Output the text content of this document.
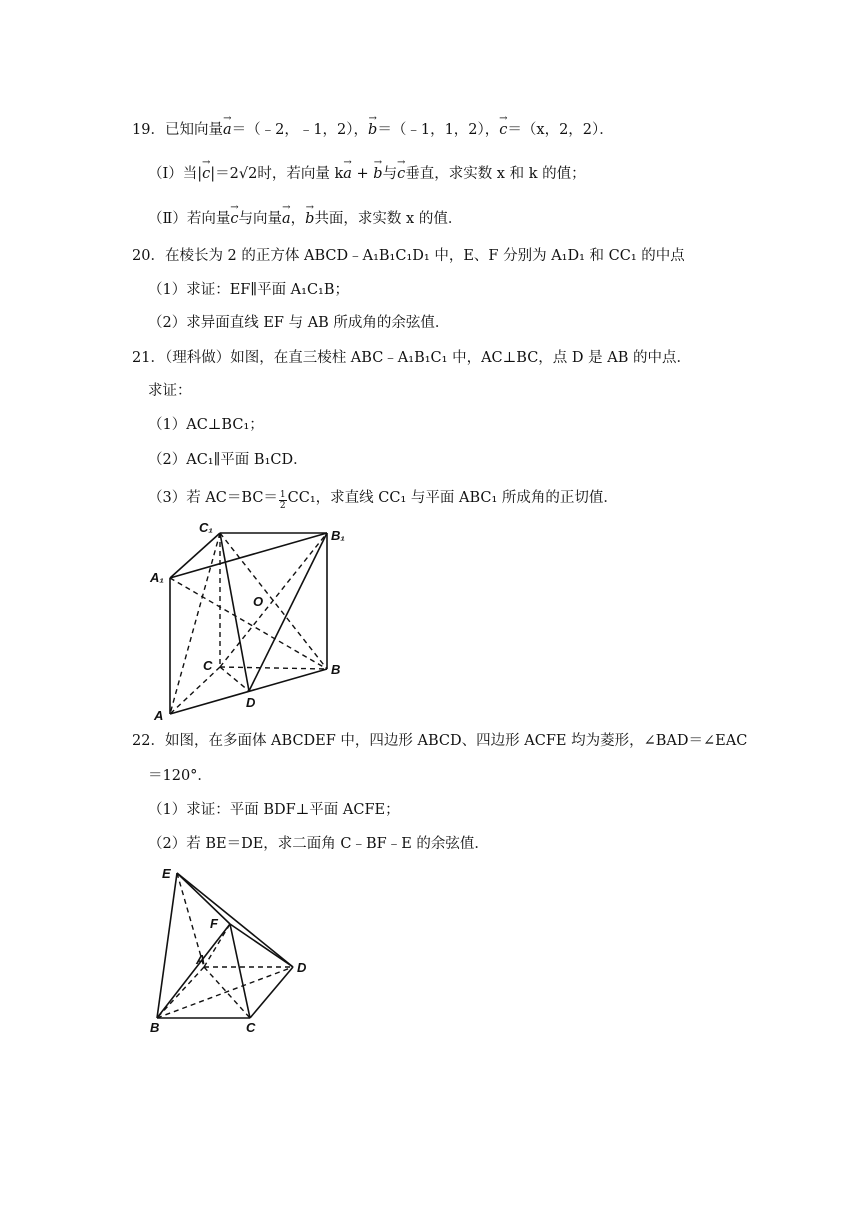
19．已知向量→ a＝（﹣2，﹣1，2），→ b＝（﹣1，1，2），→ c＝（x，2，2）．
（Ⅰ）当|→ c|＝2√2时，若向量 k→ a + → b与→ c垂直，求实数 x 和 k 的值；
（Ⅱ）若向量→ c与向量→ a，→ b共面，求实数 x 的值．
20．在棱长为 2 的正方体 ABCD﹣A₁B₁C₁D₁ 中，E、F 分别为 A₁D₁ 和 CC₁ 的中点
（1）求证：EF∥平面 A₁C₁B；
（2）求异面直线 EF 与 AB 所成角的余弦值．
21．（理科做）如图，在直三棱柱 ABC﹣A₁B₁C₁ 中，AC⊥BC，点 D 是 AB 的中点．
求证：
（1）AC⊥BC₁；
（2）AC₁∥平面 B₁CD．
（3）若 $AC=BC= \frac{1}{2} CC_1$，求直线 CC₁ 与平面 ABC₁ 所成角的正切值．
C₁
B₁
A₁
O
C	B
D
A
22．如图，在多面体 ABCDEF 中，四边形 ABCD、四边形 ACFE 均为菱形，∠BAD＝∠EAC
＝120°．
（1）求证：平面 BDF⊥平面 ACFE；
（2）若 BE＝DE，求二面角 C﹣BF﹣E 的余弦值．
E
F
A
D
B	C
